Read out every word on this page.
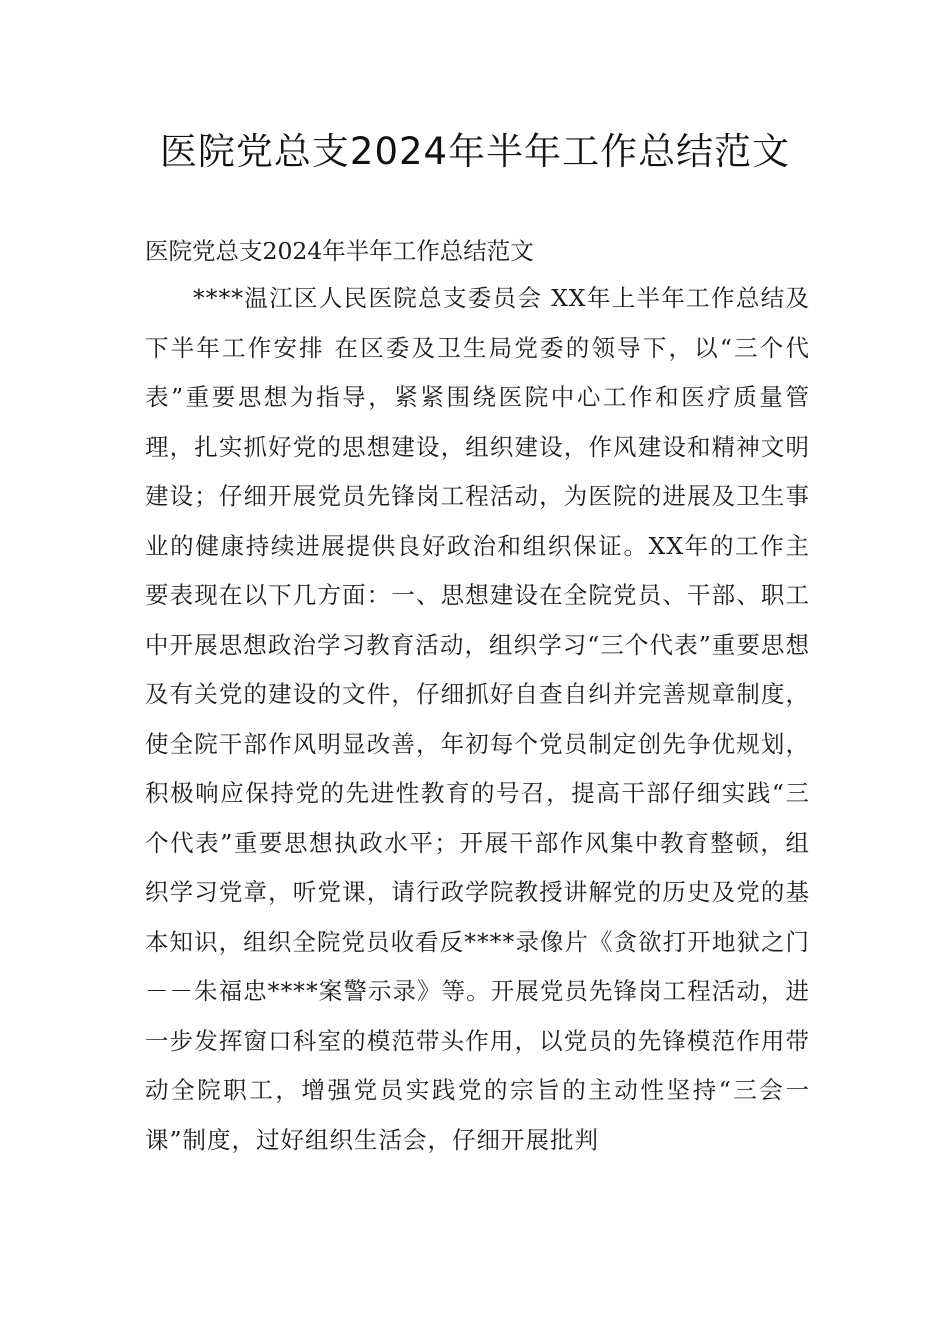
医院党总支2024年半年工作总结范文

医院党总支2024年半年工作总结范文

****温江区人民医院总支委员会 XX年上半年工作总结及下半年工作安排 在区委及卫生局党委的领导下，以“三个代表”重要思想为指导，紧紧围绕医院中心工作和医疗质量管理，扎实抓好党的思想建设，组织建设，作风建设和精神文明建设；仔细开展党员先锋岗工程活动，为医院的进展及卫生事业的健康持续进展提供良好政治和组织保证。XX年的工作主要表现在以下几方面：一、思想建设在全院党员、干部、职工中开展思想政治学习教育活动，组织学习“三个代表”重要思想及有关党的建设的文件，仔细抓好自查自纠并完善规章制度，使全院干部作风明显改善，年初每个党员制定创先争优规划，积极响应保持党的先进性教育的号召，提高干部仔细实践“三个代表”重要思想执政水平；开展干部作风集中教育整顿，组织学习党章，听党课，请行政学院教授讲解党的历史及党的基本知识，组织全院党员收看反****录像片《贪欲打开地狱之门－－朱福忠****案警示录》等。开展党员先锋岗工程活动，进一步发挥窗口科室的模范带头作用，以党员的先锋模范作用带动全院职工，增强党员实践党的宗旨的主动性坚持“三会一课”制度，过好组织生活会，仔细开展批判
